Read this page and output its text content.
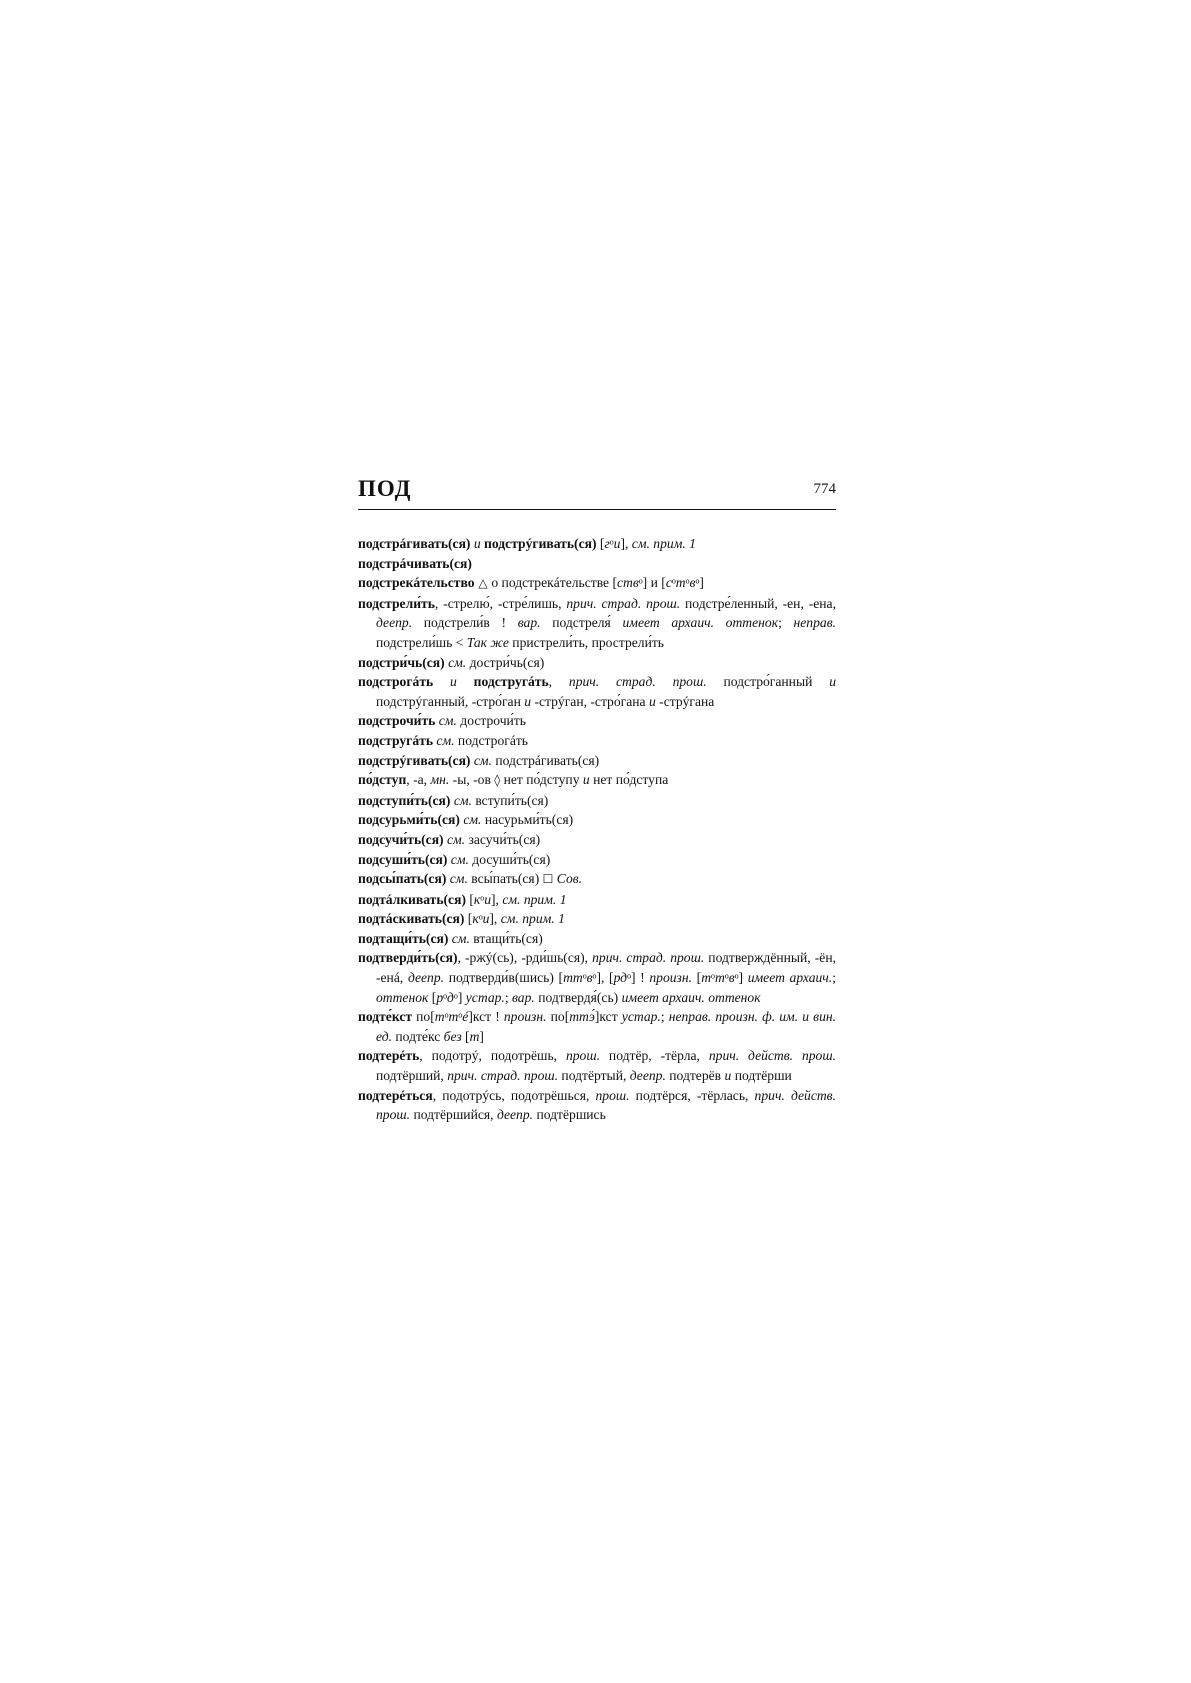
ПОД	774
подстрáгивать(ся) и подстрýгивать(ся) [гᵒи], см. прим. 1
подстрáчивать(ся)
подстрекáтельство △ о подстрекáтельстве [ствᵒ] и [сᵒтᵒвᵒ]
подстрели́ть, -стрелю́, -стре́лишь, прич. страд. прош. подстре́ленный, -ен, -ена, деепр. подстрели́в ! вар. подстреля́ имеет архаич. оттенок; неправ. подстрели́шь < Так же пристрели́ть, прострели́ть
подстри́чь(ся) см. достри́чь(ся)
подстрогáть и подстругáть, прич. страд. прош. подстро́ганный и подстрýганный, -стро́ган и -стрýган, -стро́гана и -стрýгана
подстрочи́ть см. дострочи́ть
подстругáть см. подстрогáть
подстрýгивать(ся) см. подстрáгивать(ся)
по́дступ, -а, мн. -ы, -ов ◊ нет по́дступу и нет по́дступа
подступи́ть(ся) см. вступи́ть(ся)
подсурьми́ть(ся) см. насурьми́ть(ся)
подсучи́ть(ся) см. засучи́ть(ся)
подсуши́ть(ся) см. досуши́ть(ся)
подсы́пать(ся) см. всы́пать(ся) ☐ Сов.
подтáлкивать(ся) [кᵒи], см. прим. 1
подтáскивать(ся) [кᵒи], см. прим. 1
подтащи́ть(ся) см. втащи́ть(ся)
подтверди́ть(ся), -ржý(сь), -рди́шь(ся), прич. страд. прош. подтверждённый, -ён, -енá, деепр. подтверди́в(шись) [ттᵒвᵒ], [рдᵒ] ! произн. [тᵒтᵒвᵒ] имеет архаич.; оттенок [рᵒдᵒ] устар.; вар. подтвердя́(сь) имеет архаич. оттенок
подте́кст по[тᵒтᵒé]кст ! произн. по[ттэ́]кст устар.; неправ. произн. ф. им. и вин. ед. подте́кс без [т]
подтерéть, подотрý, подотрёшь, прош. подтёр, -тёрла, прич. действ. прош. подтёрший, прич. страд. прош. подтёртый, деепр. подтерёв и подтёрши
подтерéться, подотрýсь, подотрёшься, прош. подтёрся, -тёрлась, прич. действ. прош. подтёршийся, деепр. подтёршись
